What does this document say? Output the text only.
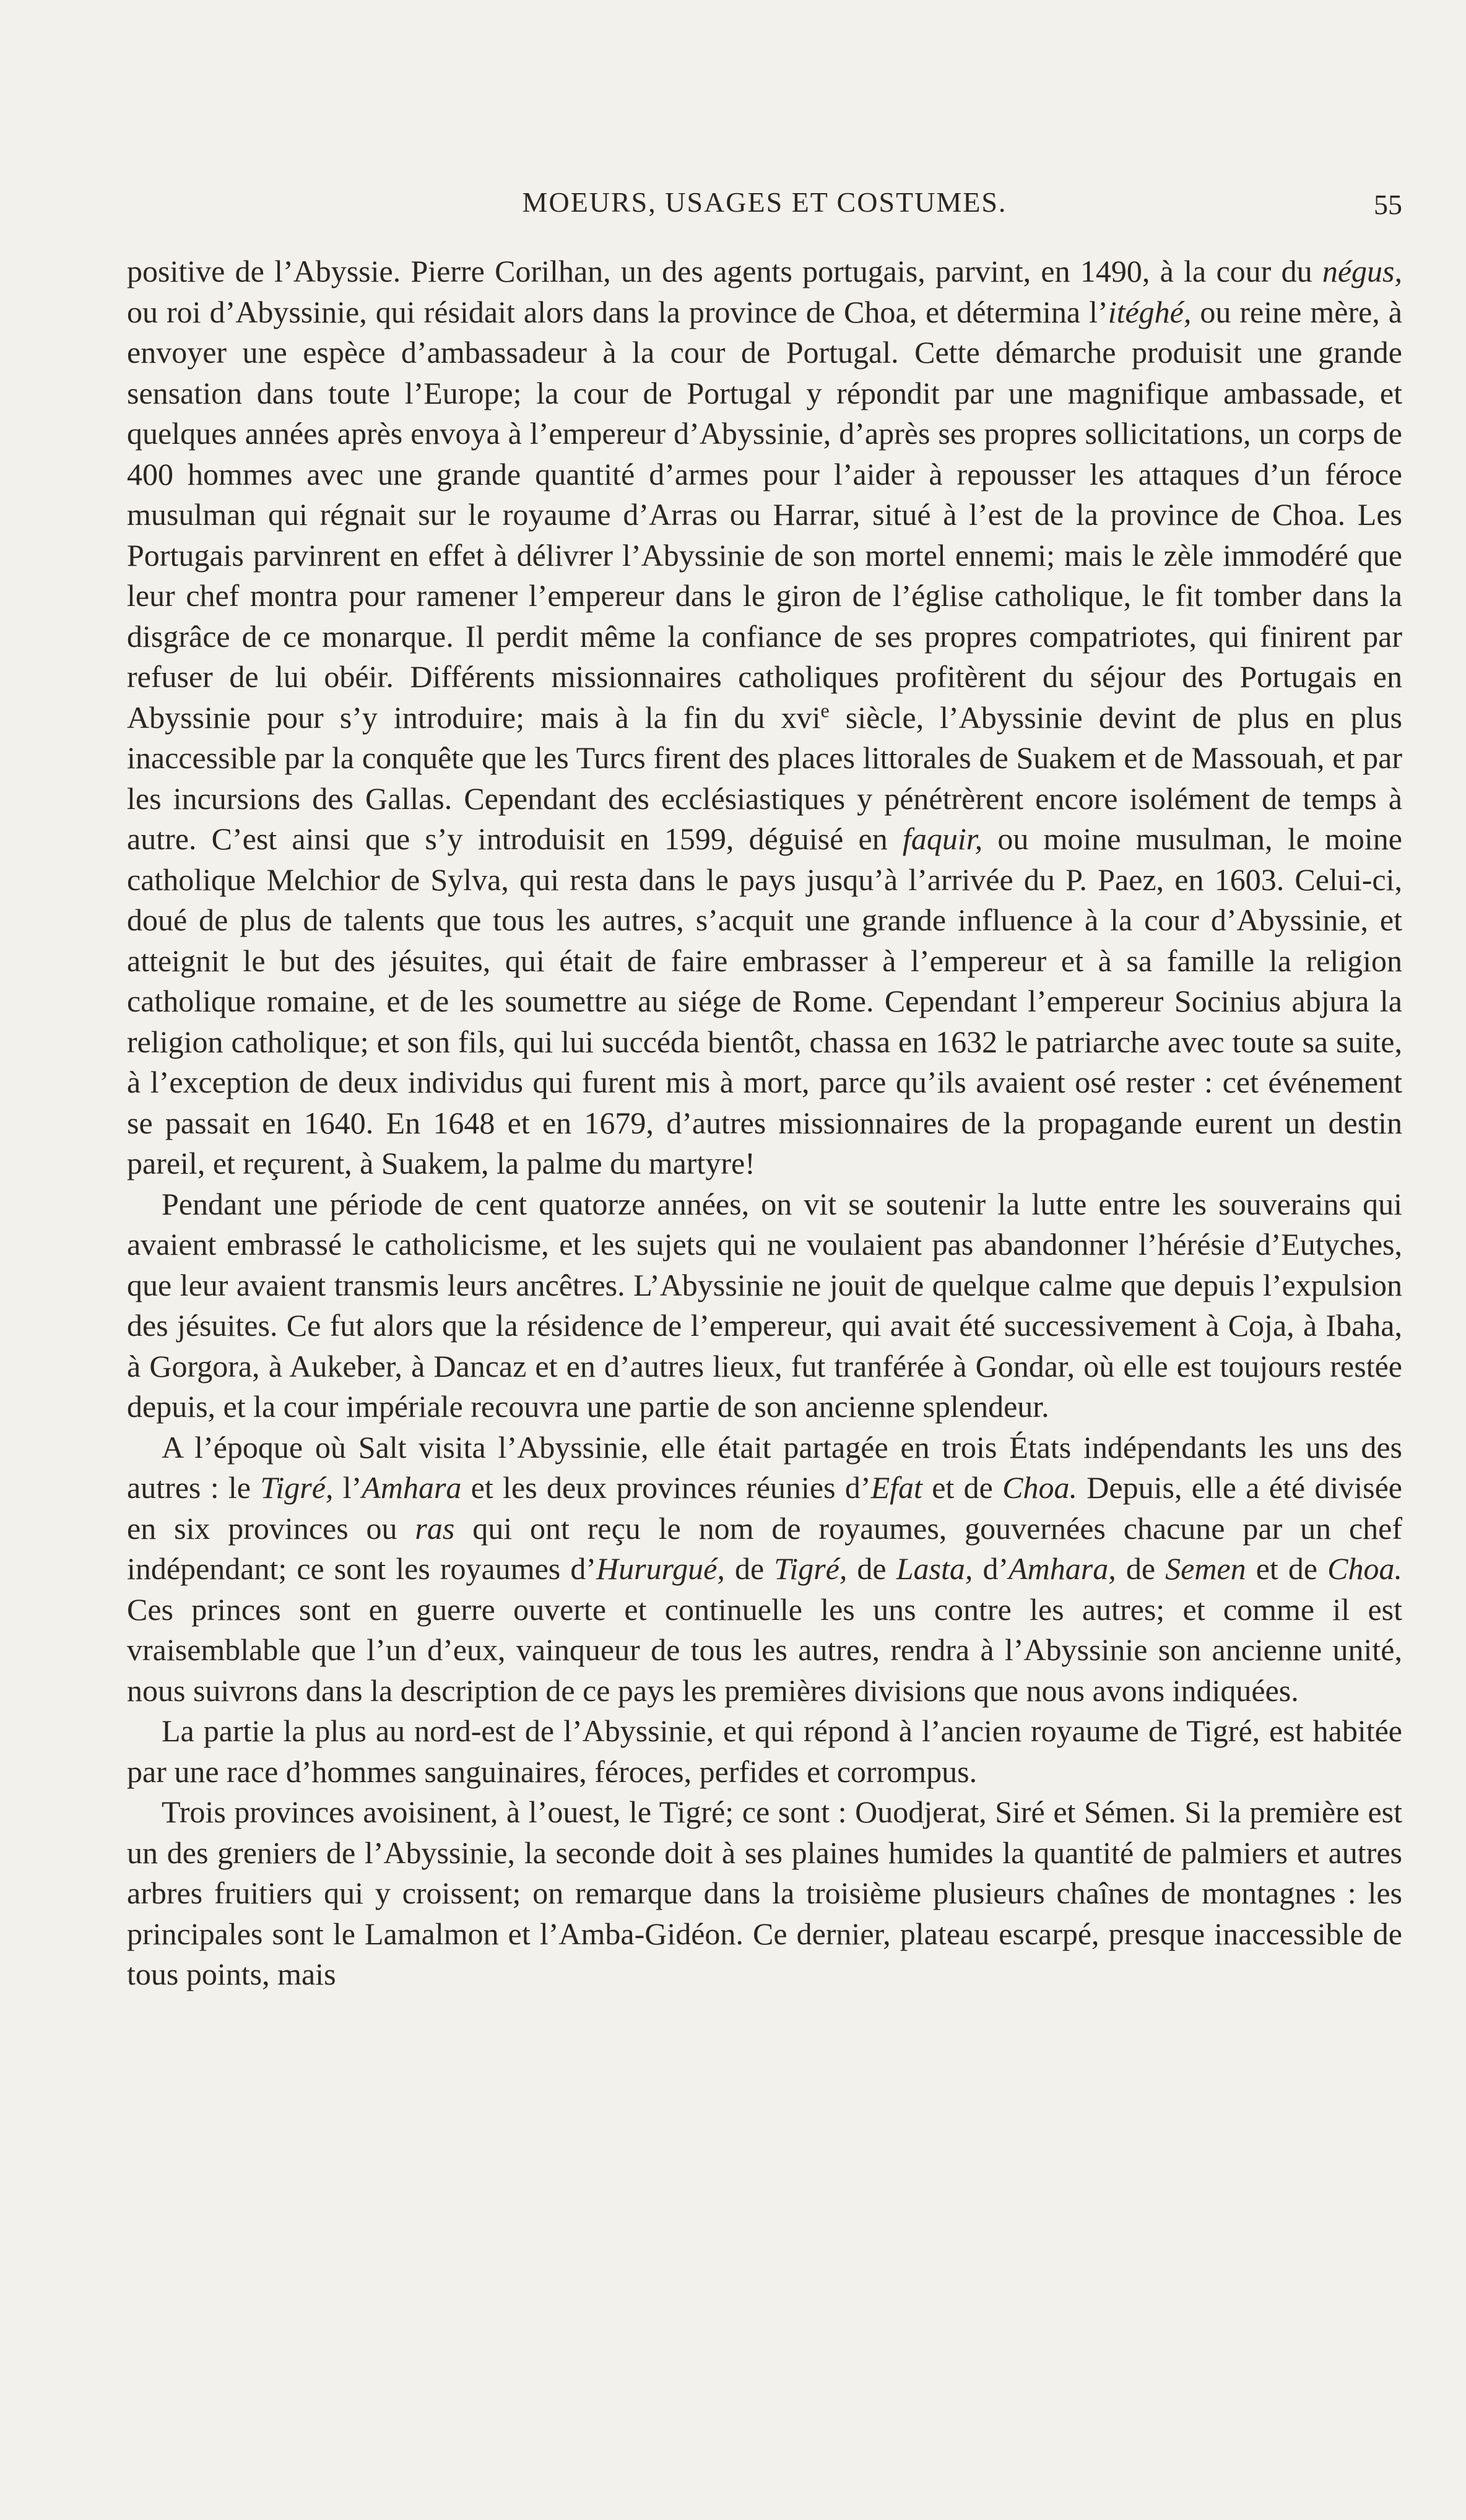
MOEURS, USAGES ET COSTUMES.	55

positive de l’Abyssie. Pierre Corilhan, un des agents portugais, parvint, en 1490, à la cour du négus, ou roi d’Abyssinie, qui résidait alors dans la province de Choa, et détermina l’itéghé, ou reine mère, à envoyer une espèce d’ambassadeur à la cour de Portugal. Cette démarche produisit une grande sensation dans toute l’Europe; la cour de Portugal y répondit par une magnifique ambassade, et quelques années après envoya à l’empereur d’Abyssinie, d’après ses propres sollicitations, un corps de 400 hommes avec une grande quantité d’armes pour l’aider à repousser les attaques d’un féroce musulman qui régnait sur le royaume d’Arras ou Harrar, situé à l’est de la province de Choa. Les Portugais parvinrent en effet à délivrer l’Abyssinie de son mortel ennemi; mais le zèle immodéré que leur chef montra pour ramener l’empereur dans le giron de l’église catholique, le fit tomber dans la disgrâce de ce monarque. Il perdit même la confiance de ses propres compatriotes, qui finirent par refuser de lui obéir. Différents missionnaires catholiques profitèrent du séjour des Portugais en Abyssinie pour s’y introduire; mais à la fin du xvi$^e$ siècle, l’Abyssinie devint de plus en plus inaccessible par la conquête que les Turcs firent des places littorales de Suakem et de Massouah, et par les incursions des Gallas. Cependant des ecclésiastiques y pénétrèrent encore isolément de temps à autre. C’est ainsi que s’y introduisit en 1599, déguisé en faquir, ou moine musulman, le moine catholique Melchior de Sylva, qui resta dans le pays jusqu’à l’arrivée du P. Paez, en 1603. Celui-ci, doué de plus de talents que tous les autres, s’acquit une grande influence à la cour d’Abyssinie, et atteignit le but des jésuites, qui était de faire embrasser à l’empereur et à sa famille la religion catholique romaine, et de les soumettre au siége de Rome. Cependant l’empereur Socinius abjura la religion catholique; et son fils, qui lui succéda bientôt, chassa en 1632 le patriarche avec toute sa suite, à l’exception de deux individus qui furent mis à mort, parce qu’ils avaient osé rester : cet événement se passait en 1640. En 1648 et en 1679, d’autres missionnaires de la propagande eurent un destin pareil, et reçurent, à Suakem, la palme du martyre!

Pendant une période de cent quatorze années, on vit se soutenir la lutte entre les souverains qui avaient embrassé le catholicisme, et les sujets qui ne voulaient pas abandonner l’hérésie d’Eutyches, que leur avaient transmis leurs ancêtres. L’Abyssinie ne jouit de quelque calme que depuis l’expulsion des jésuites. Ce fut alors que la résidence de l’empereur, qui avait été successivement à Coja, à Ibaha, à Gorgora, à Aukeber, à Dancaz et en d’autres lieux, fut tranférée à Gondar, où elle est toujours restée depuis, et la cour impériale recouvra une partie de son ancienne splendeur.

A l’époque où Salt visita l’Abyssinie, elle était partagée en trois États indépendants les uns des autres : le Tigré, l’Amhara et les deux provinces réunies d’Efat et de Choa. Depuis, elle a été divisée en six provinces ou ras qui ont reçu le nom de royaumes, gouvernées chacune par un chef indépendant; ce sont les royaumes d’Hururgué, de Tigré, de Lasta, d’Amhara, de Semen et de Choa. Ces princes sont en guerre ouverte et continuelle les uns contre les autres; et comme il est vraisemblable que l’un d’eux, vainqueur de tous les autres, rendra à l’Abyssinie son ancienne unité, nous suivrons dans la description de ce pays les premières divisions que nous avons indiquées.

La partie la plus au nord-est de l’Abyssinie, et qui répond à l’ancien royaume de Tigré, est habitée par une race d’hommes sanguinaires, féroces, perfides et corrompus.

Trois provinces avoisinent, à l’ouest, le Tigré; ce sont : Ouodjerat, Siré et Sémen. Si la première est un des greniers de l’Abyssinie, la seconde doit à ses plaines humides la quantité de palmiers et autres arbres fruitiers qui y croissent; on remarque dans la troisième plusieurs chaînes de montagnes : les principales sont le Lamalmon et l’Amba-Gidéon. Ce dernier, plateau escarpé, presque inaccessible de tous points, mais
